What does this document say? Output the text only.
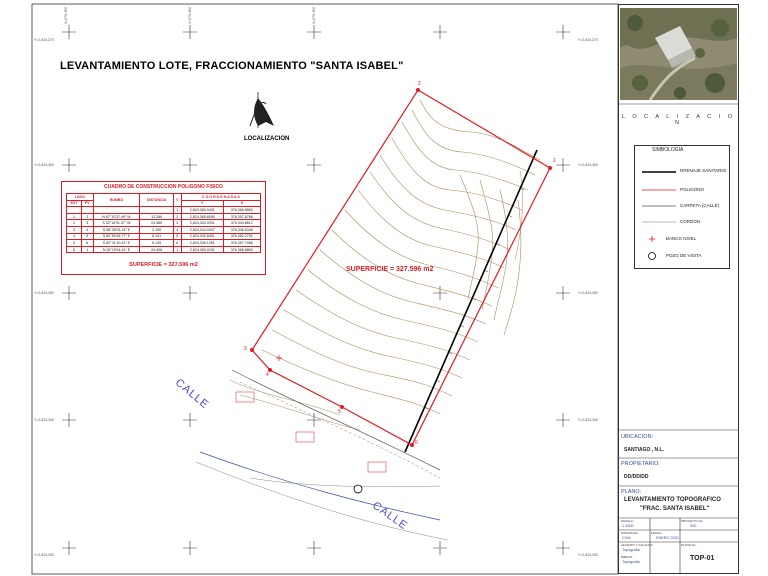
LEVANTAMIENTO LOTE, FRACCIONAMIENTO "SANTA ISABEL"
LOCALIZACION
X=376,250	X=376,300	X=376,350
Y=2,824,370
Y=2,824,360
Y=2,824,350
Y=2,824,340
Y=2,824,330
Y=2,824,370
Y=2,824,360
Y=2,824,350
Y=2,824,340
Y=2,824,330
CUADRO DE CONSTRUCCION POLIGONO FISICO
LADO		RUMBO	DISTANCIA	V	C O O R D E N A D A S	
EST	PV				Y	X
				1	2,824,360.0431	376,368.8863
1	2	N 67°10'37.49" W	12.286	2	2,824,365.8090	376,357.6766
2	3	S 32°16'51.37" W	24.385	3	2,824,344.0331	376,344.8612
3	4	S 56°30'03.14" E	2.150	4	2,824,344.0347	376,346.6346
4	5	S 80°59'18.77" E	6.141	5	2,824,342.8401	376,352.2752
5	6	S 82°41'10.43" E	6.149	6	2,824,338.1251	376,357.7066
6	1	N 26°19'34.41" E	24.408	1	2,824,360.0431	376,368.8863
SUPERFICIE = 327.596 m2
SUPERFICIE = 327.596 m2
2
1
6
5
4
3
CALLE
CALLE
L O C A L I Z A C I O N
SIMBOLOGIA
DRENAJE SANITARIO
POLIGONO
CARPETA (CALLE)
CORDON
BANCO NIVEL
POZO DE VISITA
UBICACION:
SANTIAGO , N.L.
PROPIETARIO:
DD/DD/DD
PLANO:
LEVANTAMIENTO TOPOGRAFICO
"FRAC. SANTA ISABEL"
ESCALA:
1:1000
PROYECTO No.
000
DISCIPLINA:
CIVIL
FECHA:
ENERO 2021
PLANO No.
LEVANTO Y CALCULO:
Topografia
DIBUJO:
Topografia	TOP-01
